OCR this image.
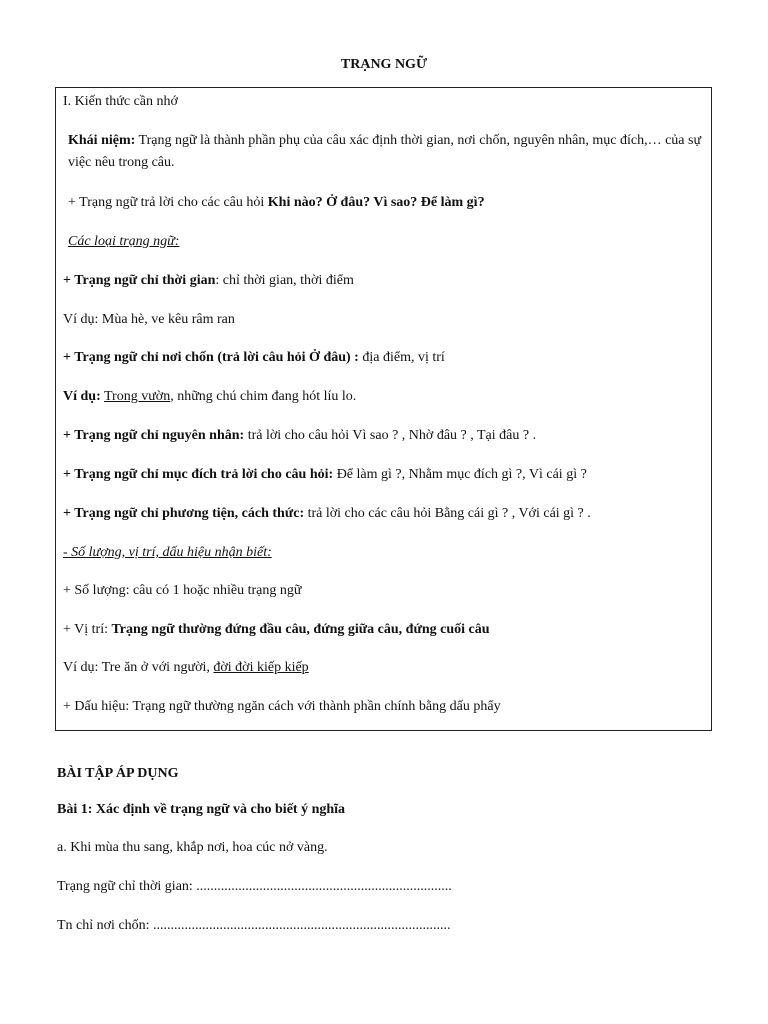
TRẠNG NGỮ
I. Kiến thức cần nhớ
Khái niệm: Trạng ngữ là thành phần phụ của câu xác định thời gian, nơi chốn, nguyên nhân, mục đích,… của sự việc nêu trong câu.
+ Trạng ngữ trả lời cho các câu hỏi Khi nào? Ở đâu? Vì sao? Để làm gì?
Các loại trạng ngữ:
+ Trạng ngữ chỉ thời gian: chỉ thời gian, thời điểm
Ví dụ: Mùa hè, ve kêu râm ran
+ Trạng ngữ chỉ nơi chốn (trả lời câu hỏi Ở đâu) : địa điểm, vị trí
Ví dụ: Trong vườn, những chú chim đang hót líu lo.
+ Trạng ngữ chỉ nguyên nhân: trả lời cho câu hỏi Vì sao ? , Nhờ đâu ? , Tại đâu ? .
+ Trạng ngữ chỉ mục đích trả lời cho câu hỏi: Để làm gì ?, Nhằm mục đích gì ?, Vì cái gì ?
+ Trạng ngữ chỉ phương tiện, cách thức: trả lời cho các câu hỏi Bằng cái gì ? , Với cái gì ? .
- Số lượng, vị trí, dấu hiệu nhận biết:
+ Số lượng: câu có 1 hoặc nhiều trạng ngữ
+ Vị trí: Trạng ngữ thường đứng đầu câu, đứng giữa câu, đứng cuối câu
Ví dụ: Tre ăn ở với người, đời đời kiếp kiếp
+ Dấu hiệu: Trạng ngữ thường ngăn cách với thành phần chính bằng dấu phẩy
BÀI TẬP ÁP DỤNG
Bài 1: Xác định về trạng ngữ và cho biết ý nghĩa
a. Khi mùa thu sang, khắp nơi, hoa cúc nở vàng.
Trạng ngữ chỉ thời gian: .........................................................................
Tn chỉ nơi chốn: .....................................................................................
